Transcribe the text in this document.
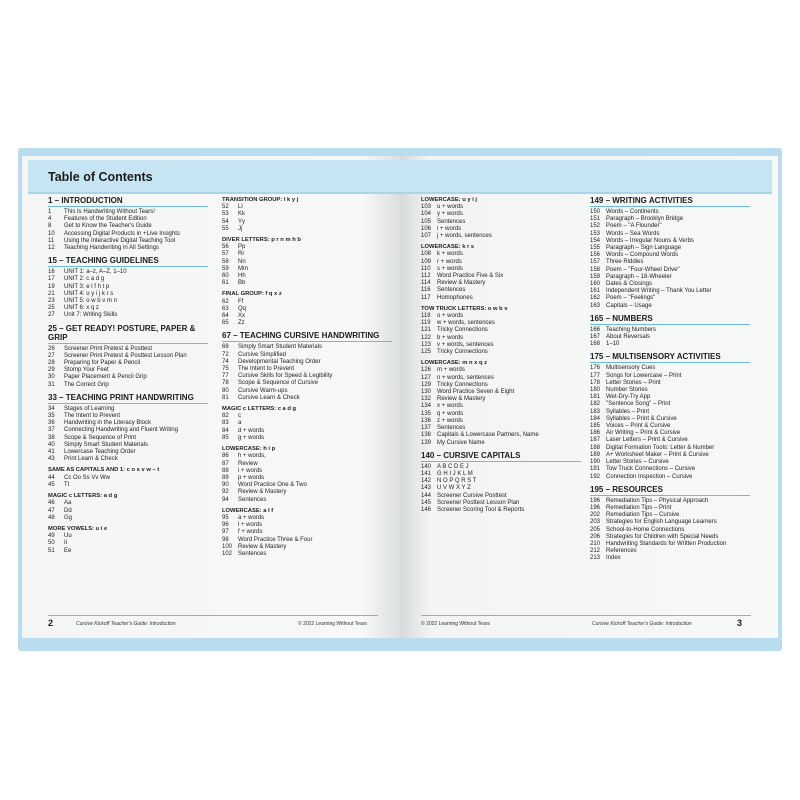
Table of Contents
1 – INTRODUCTION
1	This Is Handwriting Without Tears!
4	Features of the Student Edition
8	Get to Know the Teacher's Guide
10	Accessing Digital Products in +Live Insights
11	Using the Interactive Digital Teaching Tool
12	Teaching Handwriting in All Settings
15 – TEACHING GUIDELINES
16	UNIT 1: a–z, A–Z, 1–10
17	UNIT 2: c a d g
19	UNIT 3: e l f h t p
21	UNIT 4: u y i j k r s
23	UNIT 5: o w b v m n
25	UNIT 6: x q z
27	Unit 7: Writing Skills
25 – GET READY! POSTURE, PAPER & GRIP
26	Screener Print Pretest & Posttest
27	Screener Print Pretest & Posttest Lesson Plan
28	Preparing for Paper & Pencil
29	Stomp Your Feet
30	Paper Placement & Pencil Grip
31	The Correct Grip
33 – TEACHING PRINT HANDWRITING
34	Stages of Learning
35	The Intent to Prevent
36	Handwriting in the Literacy Block
37	Connecting Handwriting and Fluent Writing
38	Scope & Sequence of Print
40	Simply Smart Student Materials
41	Lowercase Teaching Order
43	Print Learn & Check
SAME AS CAPITALS AND 1: c o s v w – t
44	Cc Oo Ss Vv Ww
45	Tt
MAGIC c LETTERS: a d g
46	Aa
47	Dd
48	Gg
MORE VOWELS: u i e
49	Uu
50	Ii
51	Ee
TRANSITION GROUP: l k y j
52	Ll
53	Kk
54	Yy
55	Jj
DIVER LETTERS: p r n m h b
56	Pp
57	Rr
58	Nn
59	Mm
60	Hh
61	Bb
FINAL GROUP: f q x z
62	Ff
63	Qq
64	Xx
65	Zz
67 – TEACHING CURSIVE HANDWRITING
68	Simply Smart Student Materials
72	Cursive Simplified
74	Developmental Teaching Order
75	The Intent to Prevent
77	Cursive Skills for Speed & Legibility
78	Scope & Sequence of Cursive
80	Cursive Warm-ups
81	Cursive Learn & Check
MAGIC c LETTERS: c a d g
82	c
83	a
84	d + words
85	g + words
LOWERCASE: h i p
86	h + words,
87	Review
88	i + words
89	p + words
90	Word Practice One & Two
92	Review & Mastery
94	Sentences
LOWERCASE: a l f
95	a + words
96	l + words
97	f + words
98	Word Practice Three & Four
100 Review & Mastery
102 Sentences
LOWERCASE: u y i j
103 u + words
104 y + words
105 Sentences
106 i + words
107 j + words, sentences
LOWERCASE: k r s
108 k + words
109 r + words
110	s + words
112	Word Practice Five & Six
114	Review & Mastery
116	Sentences
117	Homophones
TOW TRUCK LETTERS: o w b v
118	o + words
119	w + words, sentences
121 Tricky Connections
122 b + words
123 v + words, sentences
125 Tricky Connections
LOWERCASE: m n x q z
126 m + words
127 n + words, sentences
129 Tricky Connections
130 Word Practice Seven & Eight
132 Review & Mastery
134 x + words
135 q + words
136 z + words
137 Sentences
138 Capitals & Lowercase Partners, Name
139 My Cursive Name
140 – CURSIVE CAPITALS
140 A B C D E J
141 G H I J K L M
142 N O P Q R S T
143 U V W X Y Z
144 Screener Cursive Posttest
145 Screener Posttest Lesson Plan
146 Screener Scoring Tool & Reports
149 – WRITING ACTIVITIES
150 Words – Continents
151 Paragraph – Brooklyn Bridge
152 Poem – "A Flounder"
153 Words – Sea Words
154 Words – Irregular Nouns & Verbs
155 Paragraph – Sign Language
156 Words – Compound Words
157 Three Riddles
158 Poem – "Four-Wheel Drive"
159 Paragraph – 18-Wheeler
160 Dates & Closings
161 Independent Writing – Thank You Letter
162 Poem – "Feelings"
163 Capitals – Usage
165 – NUMBERS
166 Teaching Numbers
167 About Reversals
168 1–10
175 – MULTISENSORY ACTIVITIES
176 Multisensory Cues
177 Songs for Lowercase – Print
178 Letter Stories – Print
180 Number Stories
181 Wet-Dry-Try App
182 "Sentence Song" – Print
183 Syllables – Print
184 Syllables – Print & Cursive
185 Voices – Print & Cursive
186 Air Writing – Print & Cursive
187 Laser Letters – Print & Cursive
188 Digital Formation Tools: Letter & Number
189 A+ Worksheet Maker – Print & Cursive
190 Letter Stories – Cursive
191 Tow Truck Connections – Cursive
192 Connection Inspection – Cursive
195 – RESOURCES
196 Remediation Tips – Physical Approach
196 Remediation Tips – Print
202 Remediation Tips – Cursive
203 Strategies for English Language Learners
205 School-to-Home Connections
206 Strategies for Children with Special Needs
210 Handwriting Standards for Written Production
212 References
213 Index
2	Cursive Kickoff Teacher's Guide: Introduction	© 2022 Learning Without Tears	© 2022 Learning Without Tears	Cursive Kickoff Teacher's Guide: Introduction	3
